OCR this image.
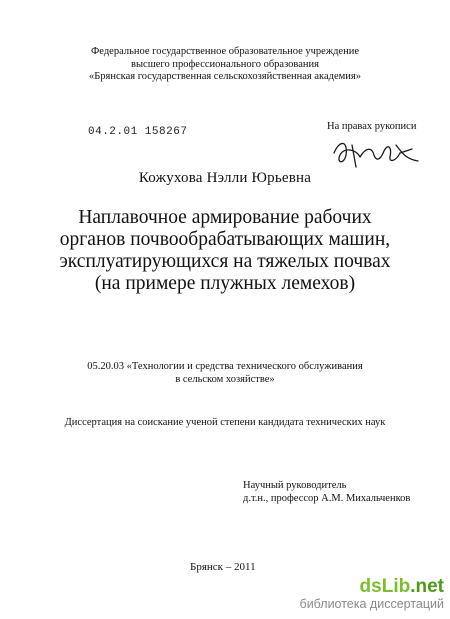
Федеральное государственное образовательное учреждение
высшего профессионального образования
«Брянская государственная сельскохозяйственная академия»
04.2.01 158267	На правах рукописи
Кожухова Нэлли Юрьевна
Наплавочное армирование рабочих
органов почвообрабатывающих машин,
эксплуатирующихся на тяжелых почвах
(на примере плужных лемехов)
05.20.03 «Технологии и средства технического обслуживания
в сельском хозяйстве»
Диссертация на соискание ученой степени кандидата технических наук
Научный руководитель
д.т.н., профессор А.М. Михальченков
Брянск – 2011
dsLib.net
библиотека диссертаций
